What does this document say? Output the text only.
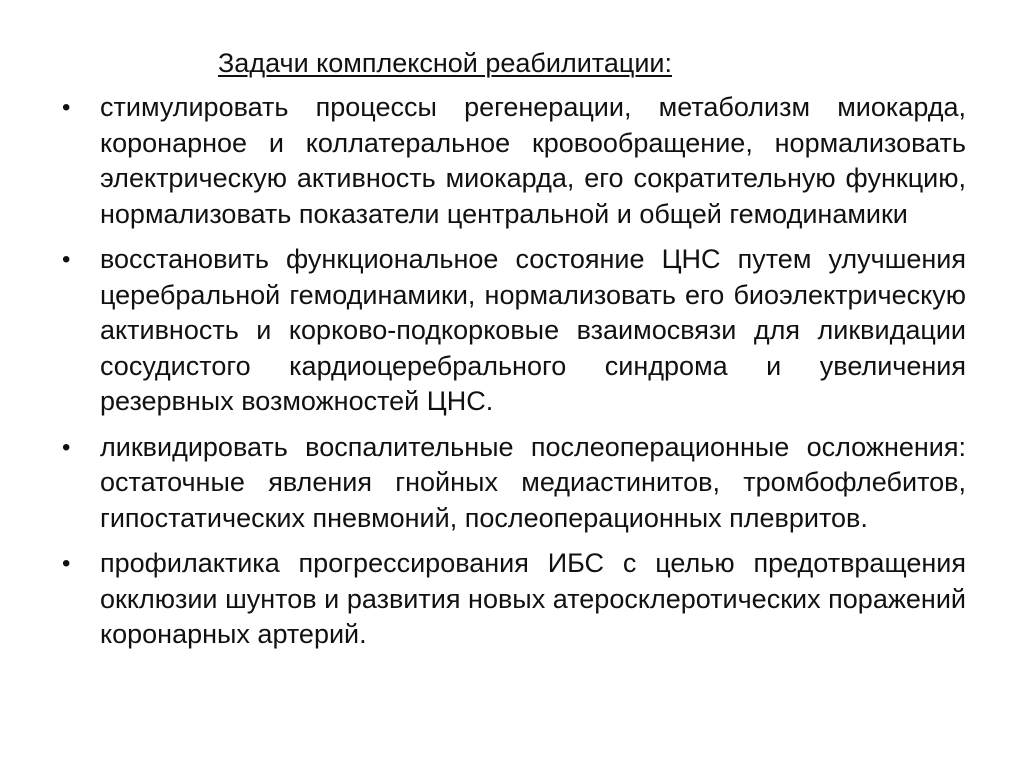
Задачи комплексной реабилитации:
• стимулировать процессы регенерации, метаболизм миокарда, коронарное и коллатеральное кровообращение, нормализовать электрическую активность миокарда, его сократительную функцию, нормализовать показатели центральной и общей гемодинамики
• восстановить функциональное состояние ЦНС путем улучшения церебральной гемодинамики, нормализовать его биоэлектрическую активность и корково-подкорковые взаимосвязи для ликвидации сосудистого кардиоцеребрального синдрома и увеличения резервных возможностей ЦНС.
• ликвидировать воспалительные послеоперационные осложнения: остаточные явления гнойных медиастинитов, тромбофлебитов, гипостатических пневмоний, послеоперационных плевритов.
• профилактика прогрессирования ИБС с целью предотвращения окклюзии шунтов и развития новых атеросклеротических поражений коронарных артерий.
